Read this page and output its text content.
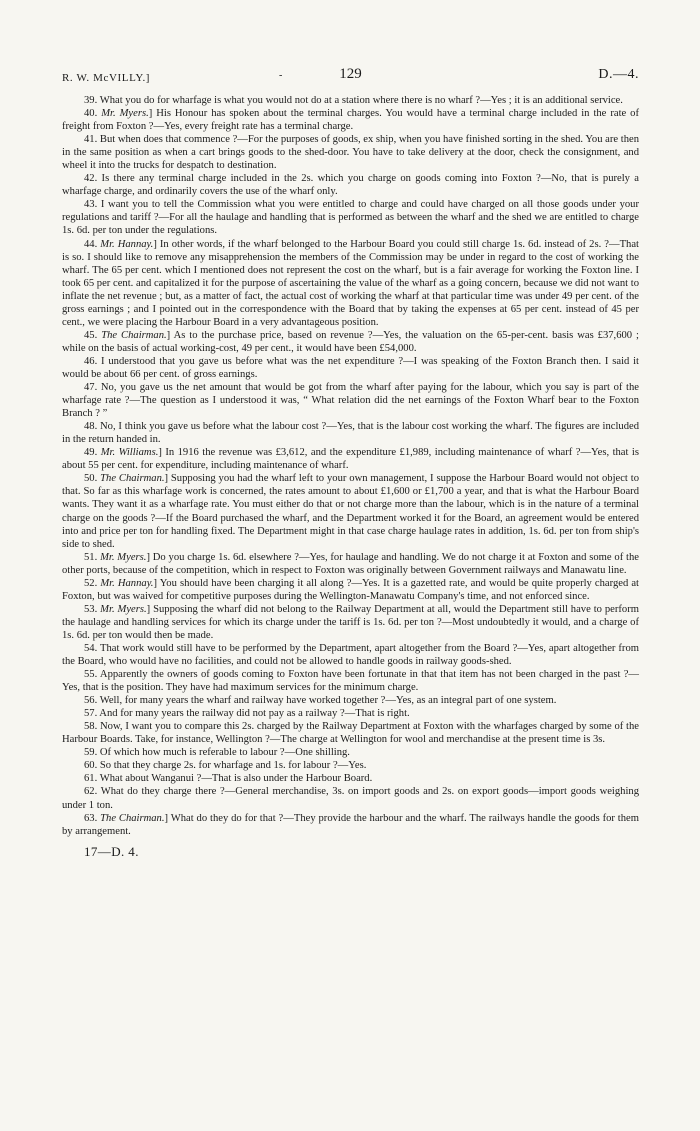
R. W. McVILLY.]	129	D.—4.

39. What you do for wharfage is what you would not do at a station where there is no wharf ?—Yes ; it is an additional service.

40. Mr. Myers.] His Honour has spoken about the terminal charges. You would have a terminal charge included in the rate of freight from Foxton ?—Yes, every freight rate has a terminal charge.

41. But when does that commence ?—For the purposes of goods, ex ship, when you have finished sorting in the shed. You are then in the same position as when a cart brings goods to the shed-door. You have to take delivery at the door, check the consignment, and wheel it into the trucks for despatch to destination.

42. Is there any terminal charge included in the 2s. which you charge on goods coming into Foxton ?—No, that is purely a wharfage charge, and ordinarily covers the use of the wharf only.

43. I want you to tell the Commission what you were entitled to charge and could have charged on all those goods under your regulations and tariff ?—For all the haulage and handling that is performed as between the wharf and the shed we are entitled to charge 1s. 6d. per ton under the regulations.

44. Mr. Hannay.] In other words, if the wharf belonged to the Harbour Board you could still charge 1s. 6d. instead of 2s. ?—That is so. I should like to remove any misapprehension the members of the Commission may be under in regard to the cost of working the wharf. The 65 per cent. which I mentioned does not represent the cost on the wharf, but is a fair average for working the Foxton line. I took 65 per cent. and capitalized it for the purpose of ascertaining the value of the wharf as a going concern, because we did not want to inflate the net revenue ; but, as a matter of fact, the actual cost of working the wharf at that particular time was under 49 per cent. of the gross earnings ; and I pointed out in the correspondence with the Board that by taking the expenses at 65 per cent. instead of 45 per cent., we were placing the Harbour Board in a very advantageous position.

45. The Chairman.] As to the purchase price, based on revenue ?—Yes, the valuation on the 65-per-cent. basis was £37,600 ; while on the basis of actual working-cost, 49 per cent., it would have been £54,000.

46. I understood that you gave us before what was the net expenditure ?—I was speaking of the Foxton Branch then. I said it would be about 66 per cent. of gross earnings.

47. No, you gave us the net amount that would be got from the wharf after paying for the labour, which you say is part of the wharfage rate ?—The question as I understood it was, “ What relation did the net earnings of the Foxton Wharf bear to the Foxton Branch ? ”

48. No, I think you gave us before what the labour cost ?—Yes, that is the labour cost working the wharf. The figures are included in the return handed in.

49. Mr. Williams.] In 1916 the revenue was £3,612, and the expenditure £1,989, including maintenance of wharf ?—Yes, that is about 55 per cent. for expenditure, including maintenance of wharf.

50. The Chairman.] Supposing you had the wharf left to your own management, I suppose the Harbour Board would not object to that. So far as this wharfage work is concerned, the rates amount to about £1,600 or £1,700 a year, and that is what the Harbour Board wants. They want it as a wharfage rate. You must either do that or not charge more than the labour, which is in the nature of a terminal charge on the goods ?—If the Board purchased the wharf, and the Department worked it for the Board, an agreement would be entered into and price per ton for handling fixed. The Department might in that case charge haulage rates in addition, 1s. 6d. per ton from ship's side to shed.

51. Mr. Myers.] Do you charge 1s. 6d. elsewhere ?—Yes, for haulage and handling. We do not charge it at Foxton and some of the other ports, because of the competition, which in respect to Foxton was originally between Government railways and Manawatu line.

52. Mr. Hannay.] You should have been charging it all along ?—Yes. It is a gazetted rate, and would be quite properly charged at Foxton, but was waived for competitive purposes during the Wellington-Manawatu Company's time, and not enforced since.

53. Mr. Myers.] Supposing the wharf did not belong to the Railway Department at all, would the Department still have to perform the haulage and handling services for which its charge under the tariff is 1s. 6d. per ton ?—Most undoubtedly it would, and a charge of 1s. 6d. per ton would then be made.

54. That work would still have to be performed by the Department, apart altogether from the Board ?—Yes, apart altogether from the Board, who would have no facilities, and could not be allowed to handle goods in railway goods-shed.

55. Apparently the owners of goods coming to Foxton have been fortunate in that that item has not been charged in the past ?—Yes, that is the position. They have had maximum services for the minimum charge.

56. Well, for many years the wharf and railway have worked together ?—Yes, as an integral part of one system.

57. And for many years the railway did not pay as a railway ?—That is right.

58. Now, I want you to compare this 2s. charged by the Railway Department at Foxton with the wharfages charged by some of the Harbour Boards. Take, for instance, Wellington ?—The charge at Wellington for wool and merchandise at the present time is 3s.

59. Of which how much is referable to labour ?—One shilling.

60. So that they charge 2s. for wharfage and 1s. for labour ?—Yes.

61. What about Wanganui ?—That is also under the Harbour Board.

62. What do they charge there ?—General merchandise, 3s. on import goods and 2s. on export goods—import goods weighing under 1 ton.

63. The Chairman.] What do they do for that ?—They provide the harbour and the wharf. The railways handle the goods for them by arrangement.

17—D. 4.
-
